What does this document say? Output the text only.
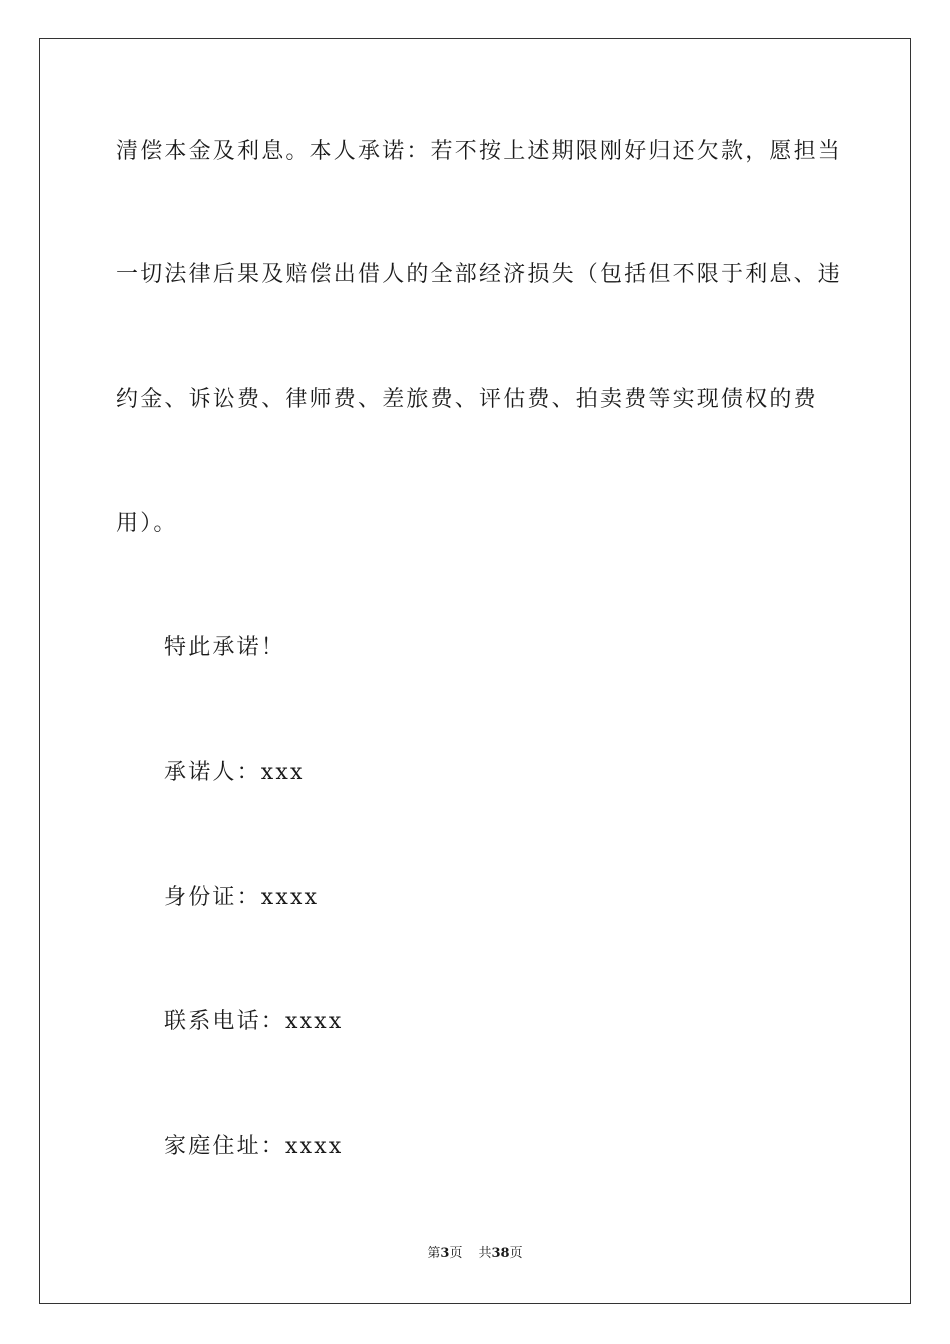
清偿本金及利息。本人承诺：若不按上述期限刚好归还欠款，愿担当
一切法律后果及赔偿出借人的全部经济损失（包括但不限于利息、违
约金、诉讼费、律师费、差旅费、评估费、拍卖费等实现债权的费
用）。
特此承诺！
承诺人：xxx
身份证：xxxx
联系电话：xxxx
家庭住址：xxxx
第3页 共38页
